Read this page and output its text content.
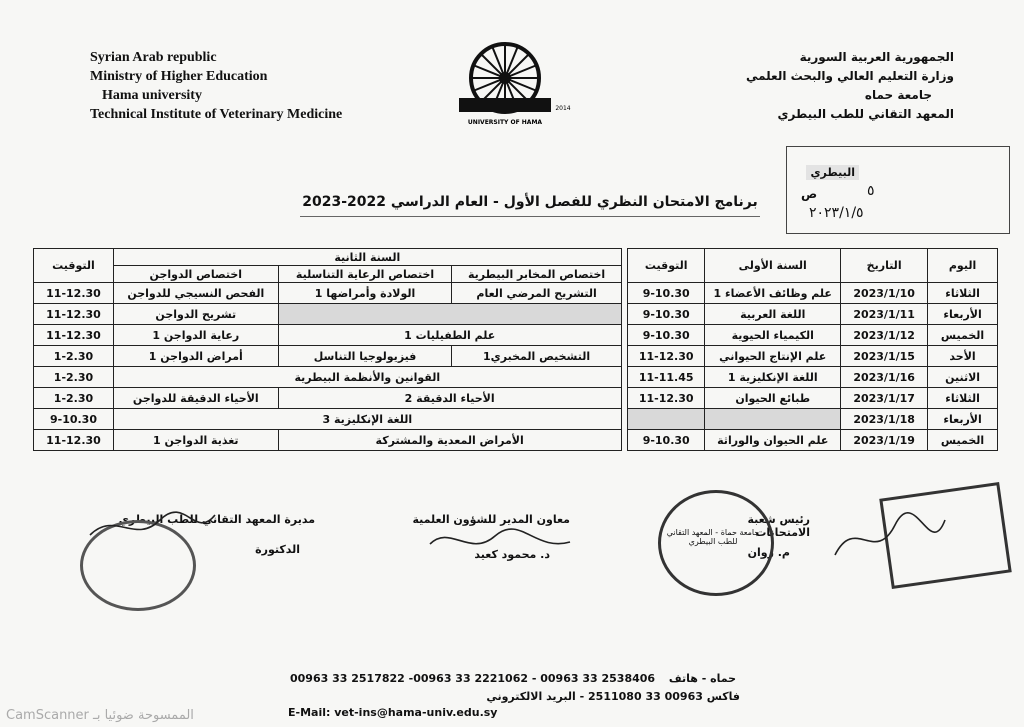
Syrian Arab republic
Ministry of Higher Education
Hama university
Technical Institute of Veterinary Medicine
UNIVERSITY OF HAMA
2014
الجمهورية العربية السورية
وزارة التعليم العالي والبحث العلمي
جامعة حماه
المعهد التقاني للطب البيطري
البيطري
٥
ص
٢٠٢٣/١/٥
برنامج الامتحان النظري للفصل الأول - العام الدراسي 2022-2023
التوقيت	السنة الثانية				التوقيت	السنة الأولى	التاريخ	اليوم
	اختصاص الدواجن	اختصاص الرعاية التناسلية	اختصاص المخابر البيطرية					
11-12.30	الفحص النسيجي للدواجن	الولادة وأمراضها 1	التشريح المرضي العام		9-10.30	علم وظائف الأعضاء 1	2023/1/10	الثلاثاء
11-12.30	تشريح الدواجن				9-10.30	اللغة العربية	2023/1/11	الأربعاء
11-12.30	رعاية الدواجن 1	علم الطفيليات 1			9-10.30	الكيمياء الحيوية	2023/1/12	الخميس
1-2.30	أمراض الدواجن 1	فيزيولوجيا التناسل	التشخيص المخبري1		11-12.30	علم الإنتاج الحيواني	2023/1/15	الأحد
1-2.30	القوانين والأنظمة البيطرية				11-11.45	اللغة الإنكليزية 1	2023/1/16	الاثنين
1-2.30	الأحياء الدقيقة للدواجن	الأحياء الدقيقة 2			11-12.30	طبائع الحيوان	2023/1/17	الثلاثاء
9-10.30	اللغة الإنكليزية 3						2023/1/18	الأربعاء
11-12.30	تغذية الدواجن 1	الأمراض المعدية والمشتركة			9-10.30	علم الحيوان والوراثة	2023/1/19	الخميس
مديرة المعهد التقاني للطب البيطري
الدكتورة
معاون المدير للشؤون العلمية
د. محمود كعيد
رئيس شعبة الامتحانات
م. روان
جامعة حماة - المعهد التقاني للطب البيطري
00963 33 2517822 -00963 33 2221062 - 00963 33 2538406 حماه - هاتف
فاكس 00963 33 2511080 - البريد الالكتروني
E-Mail: vet-ins@hama-univ.edu.sy
CamScanner الممسوحة ضوئيا بـ
